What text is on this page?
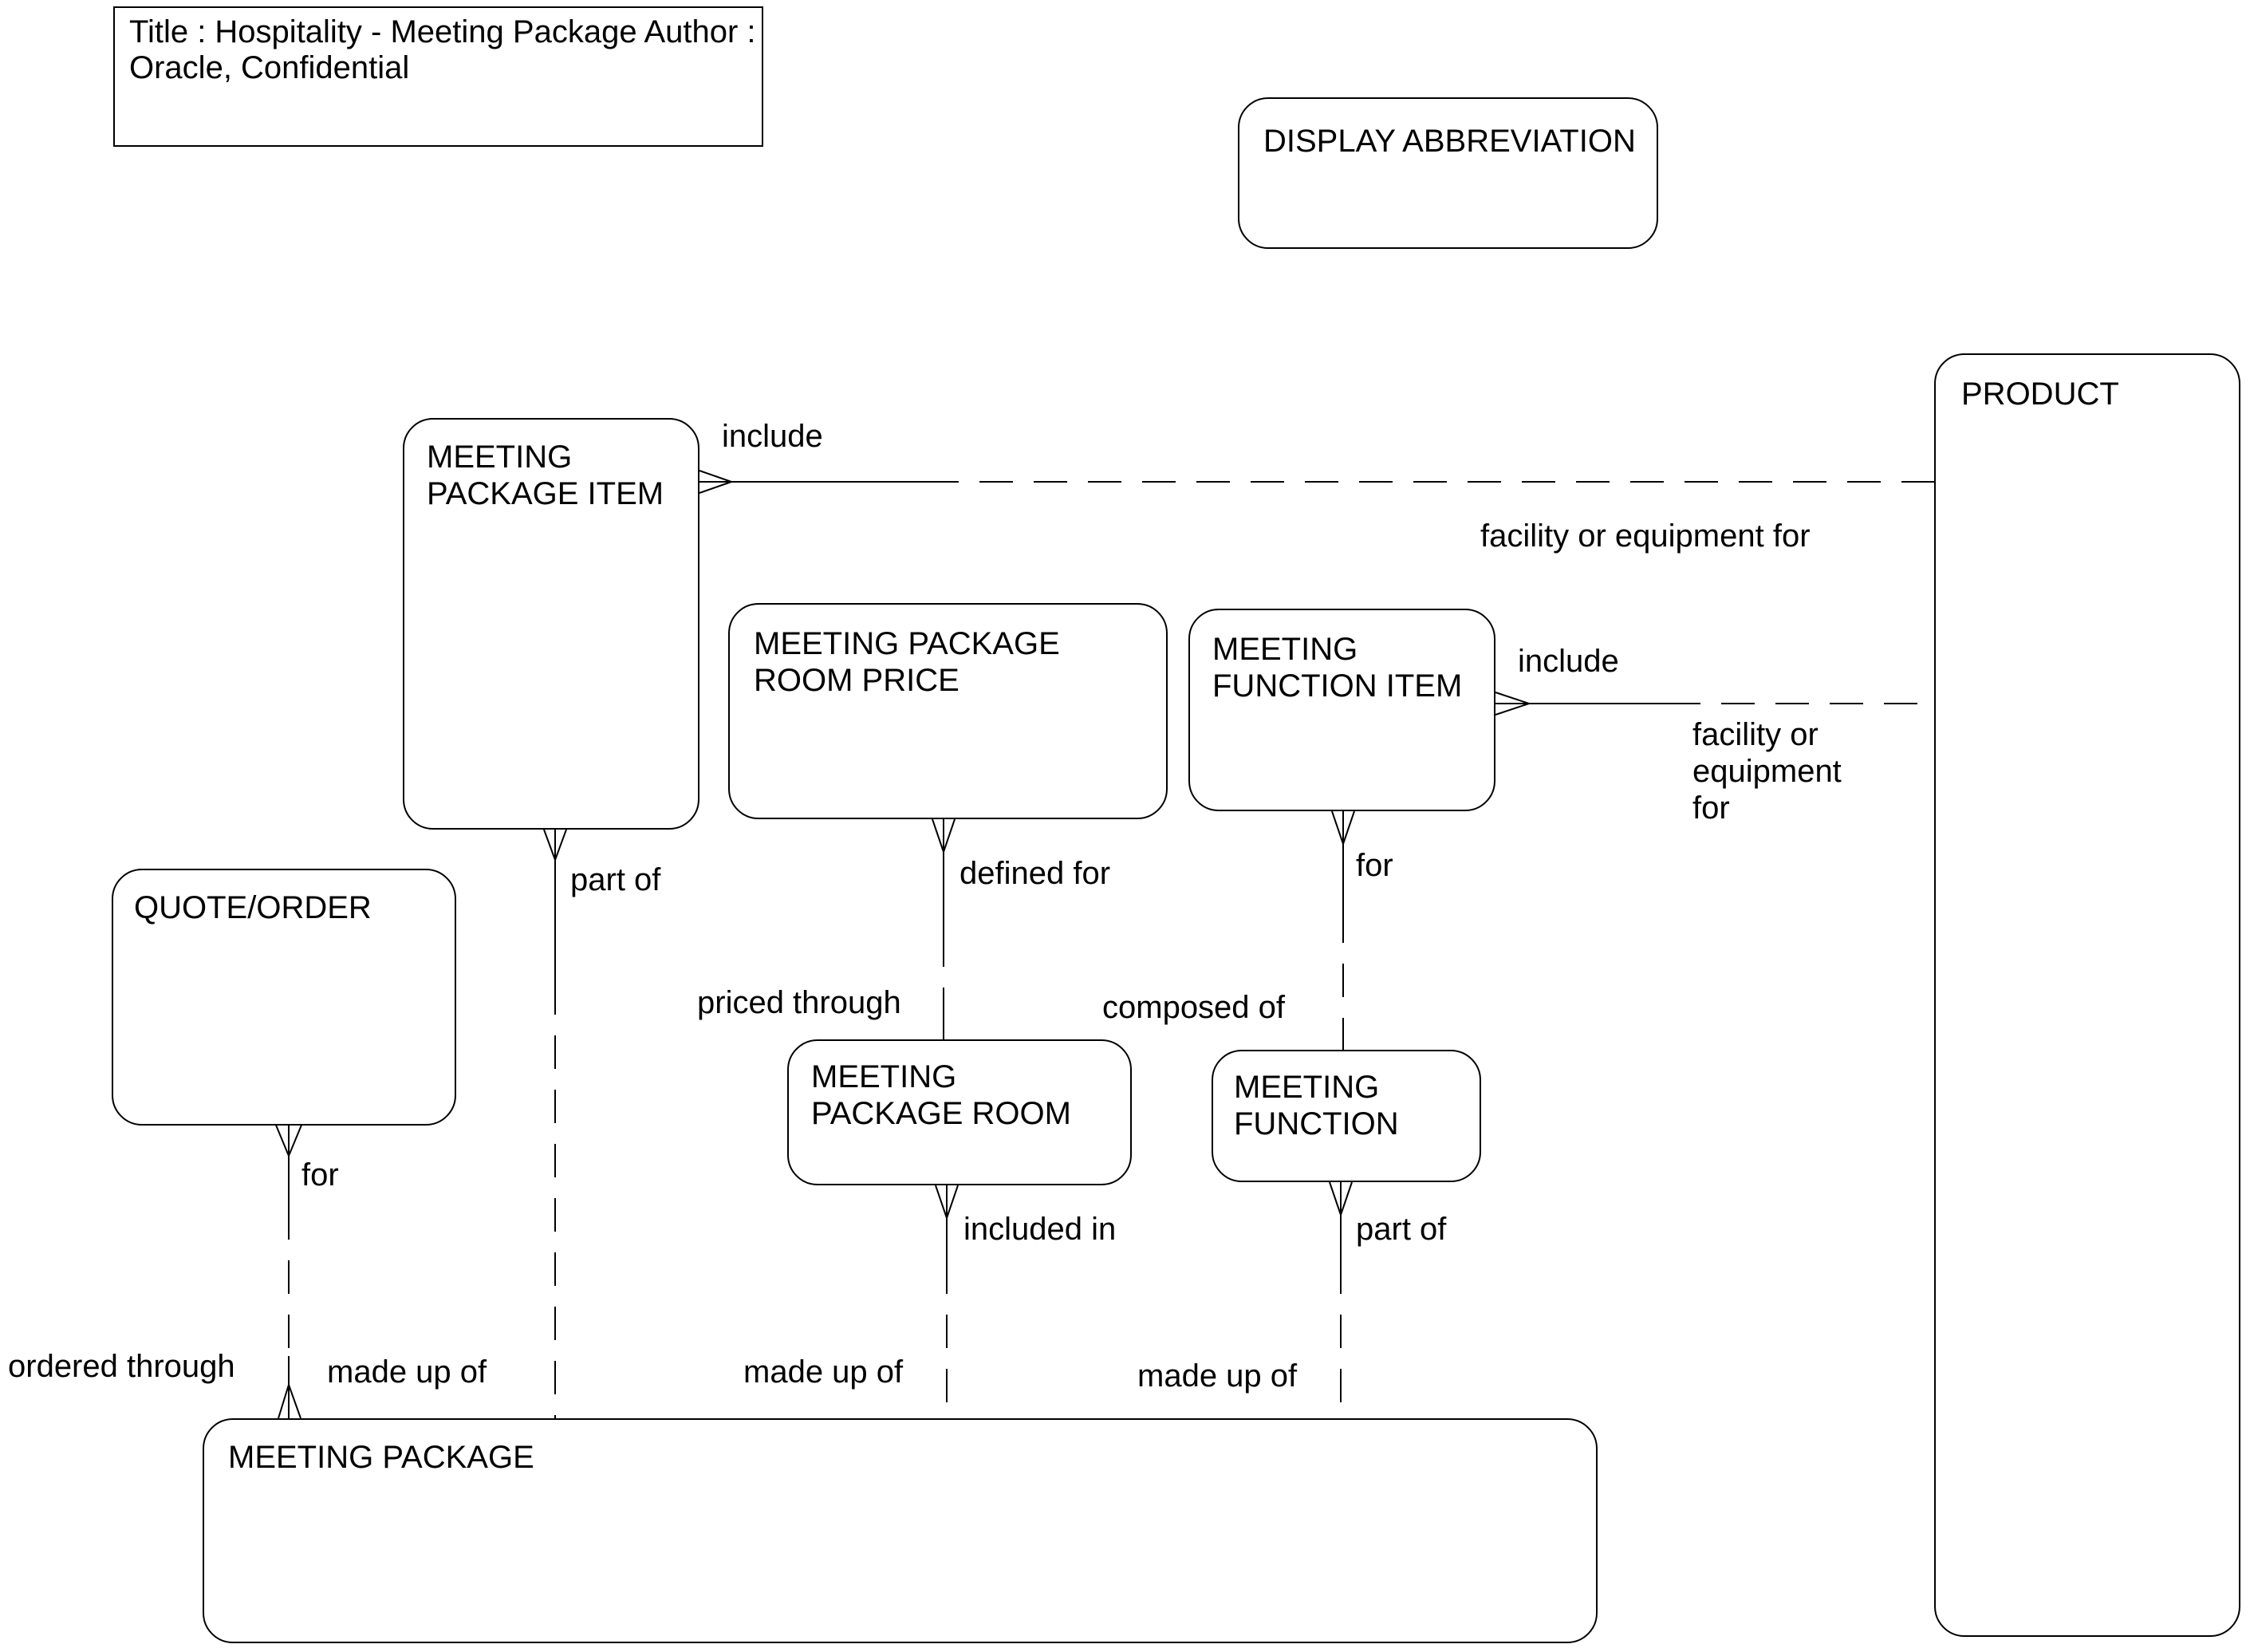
Title : Hospitality - Meeting Package Author : Oracle, Confidential
DISPLAY ABBREVIATION
MEETING PACKAGE ITEM
PRODUCT
MEETING PACKAGE ROOM PRICE
MEETING FUNCTION ITEM
QUOTE/ORDER
MEETING PACKAGE ROOM
MEETING FUNCTION
MEETING PACKAGE
include
facility or equipment for
include
facility or equipment for
for
ordered through
part of
made up of
defined for
priced through
for
composed of
included in
made up of
part of
made up of
